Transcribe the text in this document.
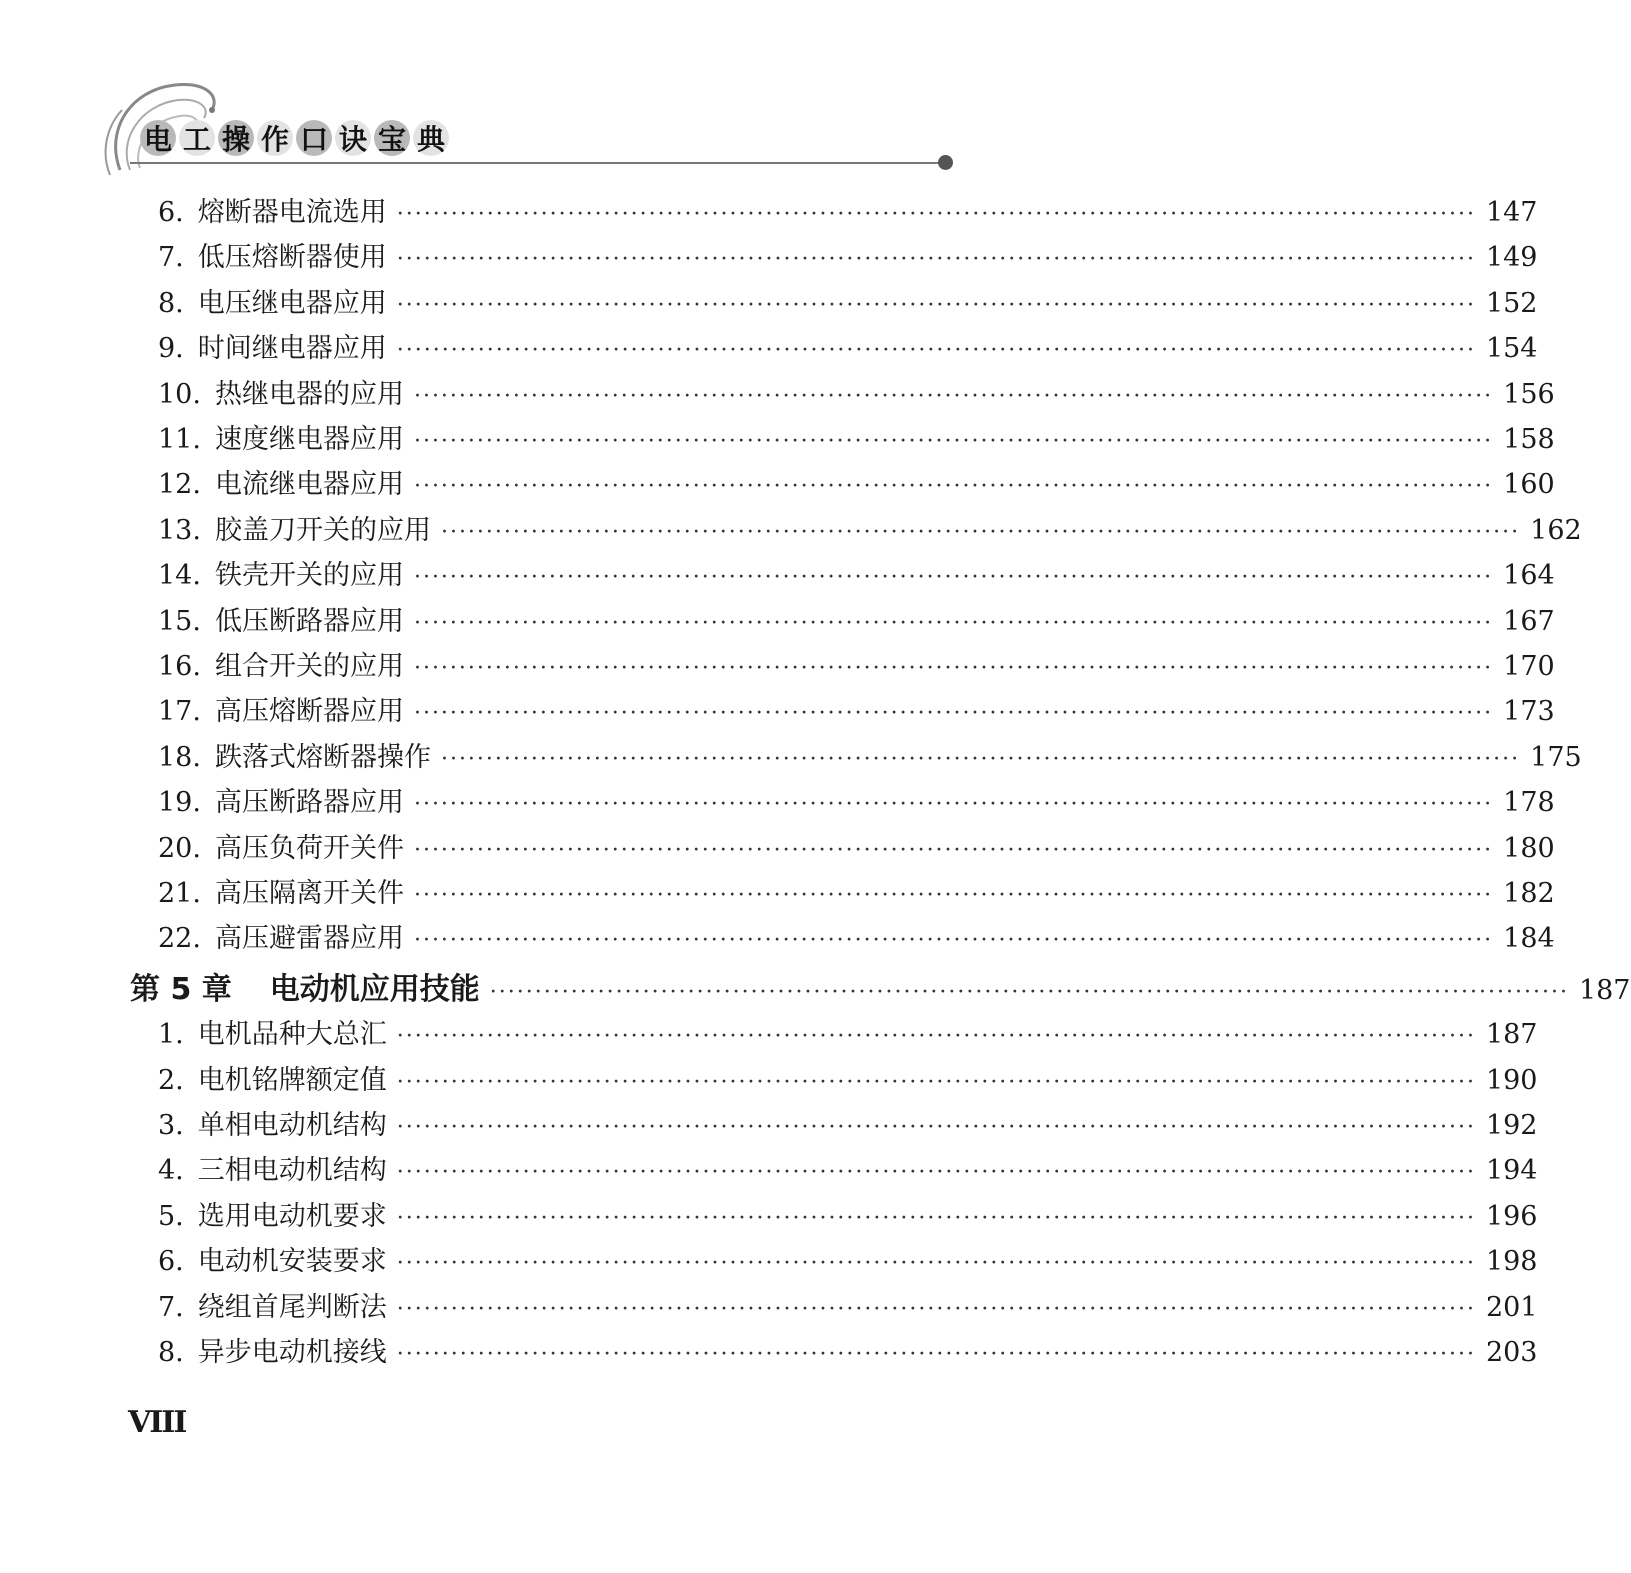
电 工 操 作 口 诀 宝 典
6. 熔断器电流选用 ························································································································ 147
7. 低压熔断器使用 ························································································································ 149
8. 电压继电器应用 ························································································································ 152
9. 时间继电器应用 ························································································································ 154
10. 热继电器的应用 ························································································································ 156
11. 速度继电器应用 ························································································································ 158
12. 电流继电器应用 ························································································································ 160
13. 胶盖刀开关的应用 ························································································································ 162
14. 铁壳开关的应用 ························································································································ 164
15. 低压断路器应用 ························································································································ 167
16. 组合开关的应用 ························································································································ 170
17. 高压熔断器应用 ························································································································ 173
18. 跌落式熔断器操作 ························································································································ 175
19. 高压断路器应用 ························································································································ 178
20. 高压负荷开关件 ························································································································ 180
21. 高压隔离开关件 ························································································································ 182
22. 高压避雷器应用 ························································································································ 184
第 5 章 电动机应用技能 ························································································································ 187
1. 电机品种大总汇 ························································································································ 187
2. 电机铭牌额定值 ························································································································ 190
3. 单相电动机结构 ························································································································ 192
4. 三相电动机结构 ························································································································ 194
5. 选用电动机要求 ························································································································ 196
6. 电动机安装要求 ························································································································ 198
7. 绕组首尾判断法 ························································································································ 201
8. 异步电动机接线 ························································································································ 203
VIII
